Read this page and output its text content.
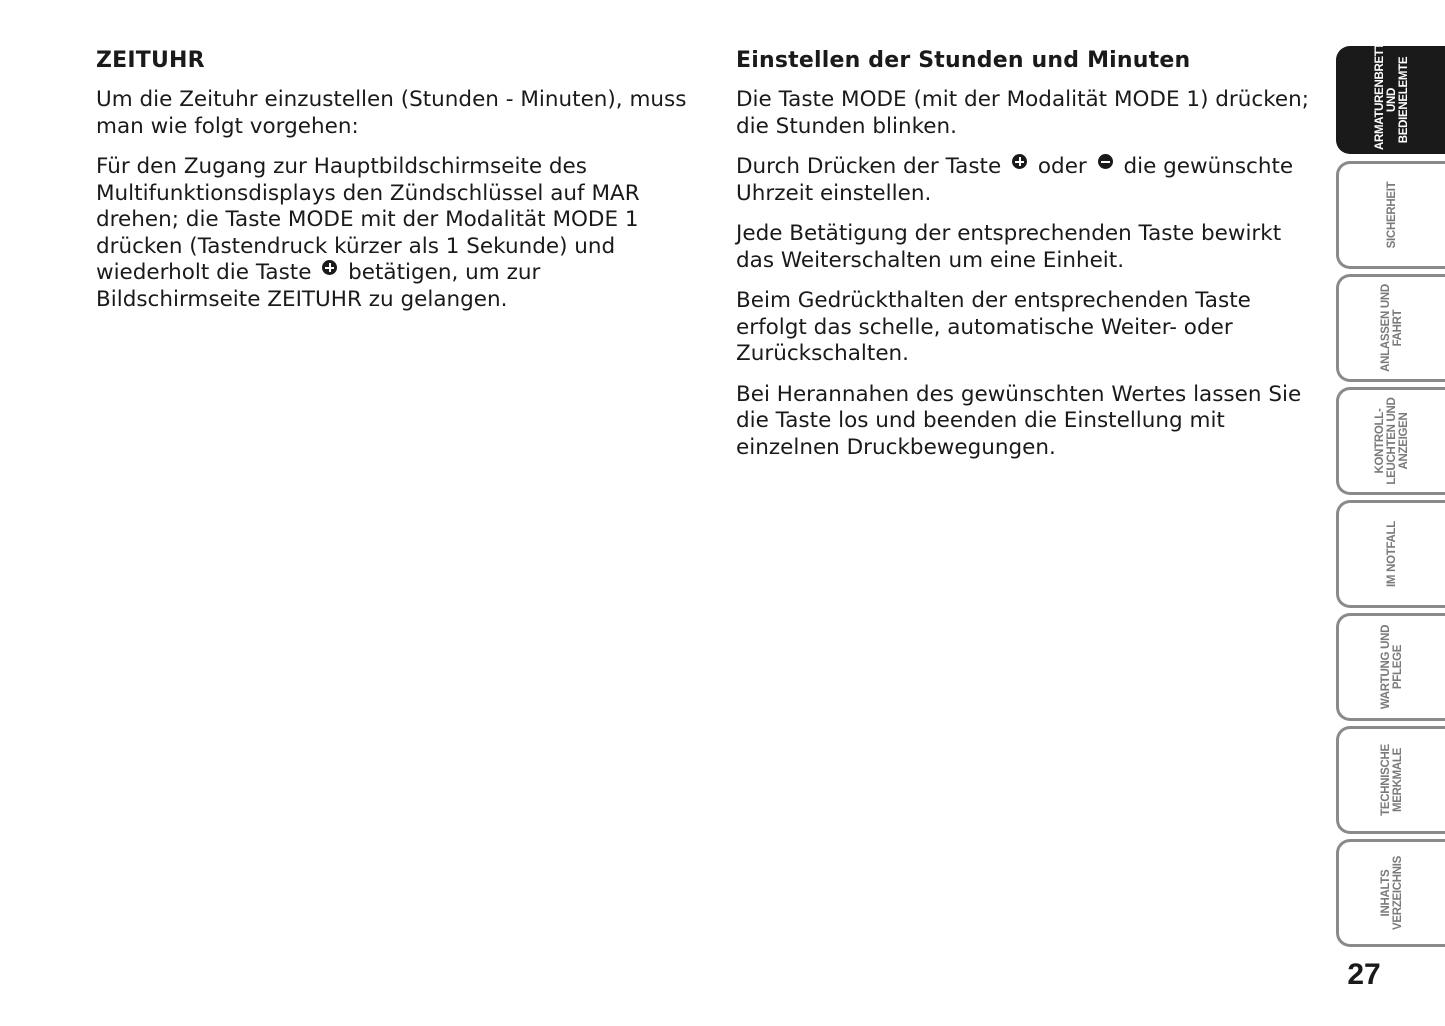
ZEITUHR

Um die Zeituhr einzustellen (Stunden - Minuten), muss man wie folgt vorgehen:

Für den Zugang zur Hauptbildschirmseite des Multifunktionsdisplays den Zündschlüssel auf MAR drehen; die Taste MODE mit der Modalität MODE 1 drücken (Tastendruck kürzer als 1 Sekunde) und wiederholt die Taste betätigen, um zur Bildschirmseite ZEITUHR zu gelangen.

Einstellen der Stunden und Minuten

Die Taste MODE (mit der Modalität MODE 1) drücken; die Stunden blinken.

Durch Drücken der Taste oder die gewünschte Uhrzeit einstellen.

Jede Betätigung der entsprechenden Taste bewirkt das Weiterschalten um eine Einheit.

Beim Gedrückthalten der entsprechenden Taste erfolgt das schelle, automatische Weiter- oder Zurückschalten.

Bei Herannahen des gewünschten Wertes lassen Sie die Taste los und beenden die Einstellung mit einzelnen Druckbewegungen.

ARMATURENBRETT
UND
BEDIENELEMTE
SICHERHEIT
ANLASSEN UND
FAHRT
KONTROLL-
LEUCHTEN UND
ANZEIGEN
IM NOTFALL
WARTUNG UND
PFLEGE
TECHNISCHE
MERKMALE
INHALTS
VERZEICHNIS
27
